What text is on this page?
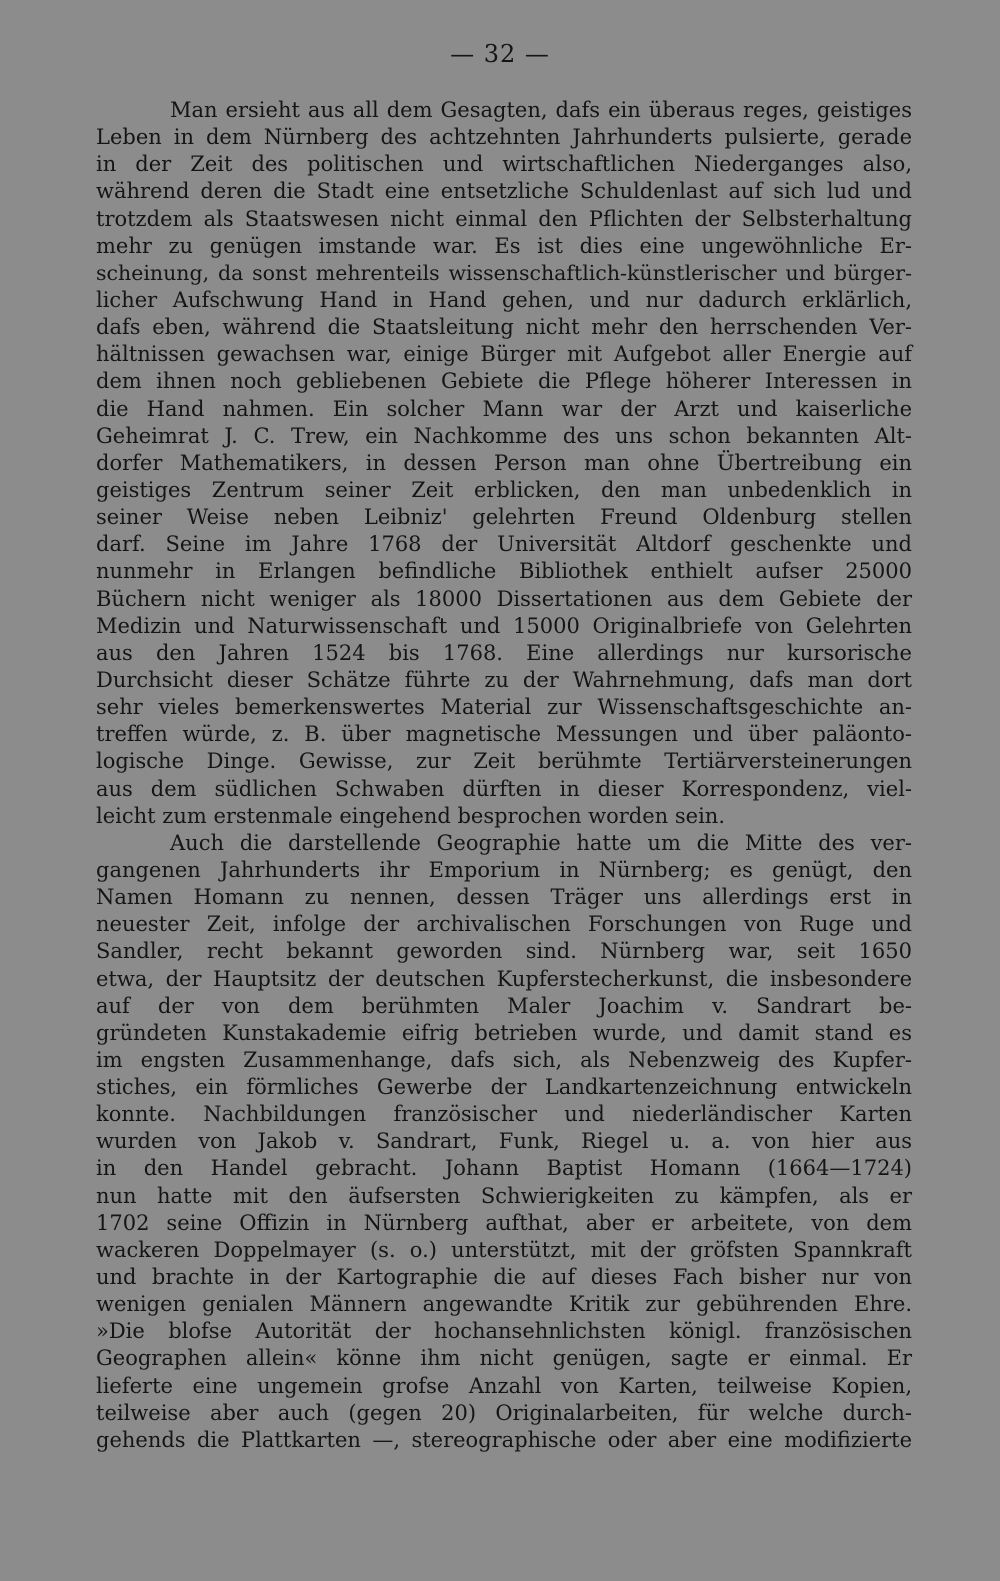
— 32 —
Man ersieht aus all dem Gesagten, dafs ein überaus reges, geistiges
Leben in dem Nürnberg des achtzehnten Jahrhunderts pulsierte, gerade
in der Zeit des politischen und wirtschaftlichen Niederganges also,
während deren die Stadt eine entsetzliche Schuldenlast auf sich lud und
trotzdem als Staatswesen nicht einmal den Pflichten der Selbsterhaltung
mehr zu genügen imstande war. Es ist dies eine ungewöhnliche Er-
scheinung, da sonst mehrenteils wissenschaftlich-künstlerischer und bürger-
licher Aufschwung Hand in Hand gehen, und nur dadurch erklärlich,
dafs eben, während die Staatsleitung nicht mehr den herrschenden Ver-
hältnissen gewachsen war, einige Bürger mit Aufgebot aller Energie auf
dem ihnen noch gebliebenen Gebiete die Pflege höherer Interessen in
die Hand nahmen. Ein solcher Mann war der Arzt und kaiserliche
Geheimrat J. C. Trew, ein Nachkomme des uns schon bekannten Alt-
dorfer Mathematikers, in dessen Person man ohne Übertreibung ein
geistiges Zentrum seiner Zeit erblicken, den man unbedenklich in
seiner Weise neben Leibniz' gelehrten Freund Oldenburg stellen
darf. Seine im Jahre 1768 der Universität Altdorf geschenkte und
nunmehr in Erlangen befindliche Bibliothek enthielt aufser 25000
Büchern nicht weniger als 18000 Dissertationen aus dem Gebiete der
Medizin und Naturwissenschaft und 15000 Originalbriefe von Gelehrten
aus den Jahren 1524 bis 1768. Eine allerdings nur kursorische
Durchsicht dieser Schätze führte zu der Wahrnehmung, dafs man dort
sehr vieles bemerkenswertes Material zur Wissenschaftsgeschichte an-
treffen würde, z. B. über magnetische Messungen und über paläonto-
logische Dinge. Gewisse, zur Zeit berühmte Tertiärversteinerungen
aus dem südlichen Schwaben dürften in dieser Korrespondenz, viel-
leicht zum erstenmale eingehend besprochen worden sein.
Auch die darstellende Geographie hatte um die Mitte des ver-
gangenen Jahrhunderts ihr Emporium in Nürnberg; es genügt, den
Namen Homann zu nennen, dessen Träger uns allerdings erst in
neuester Zeit, infolge der archivalischen Forschungen von Ruge und
Sandler, recht bekannt geworden sind. Nürnberg war, seit 1650
etwa, der Hauptsitz der deutschen Kupferstecherkunst, die insbesondere
auf der von dem berühmten Maler Joachim v. Sandrart be-
gründeten Kunstakademie eifrig betrieben wurde, und damit stand es
im engsten Zusammenhange, dafs sich, als Nebenzweig des Kupfer-
stiches, ein förmliches Gewerbe der Landkartenzeichnung entwickeln
konnte. Nachbildungen französischer und niederländischer Karten
wurden von Jakob v. Sandrart, Funk, Riegel u. a. von hier aus
in den Handel gebracht. Johann Baptist Homann (1664—1724)
nun hatte mit den äufsersten Schwierigkeiten zu kämpfen, als er
1702 seine Offizin in Nürnberg aufthat, aber er arbeitete, von dem
wackeren Doppelmayer (s. o.) unterstützt, mit der gröfsten Spannkraft
und brachte in der Kartographie die auf dieses Fach bisher nur von
wenigen genialen Männern angewandte Kritik zur gebührenden Ehre.
»Die blofse Autorität der hochansehnlichsten königl. französischen
Geographen allein« könne ihm nicht genügen, sagte er einmal. Er
lieferte eine ungemein grofse Anzahl von Karten, teilweise Kopien,
teilweise aber auch (gegen 20) Originalarbeiten, für welche durch-
gehends die Plattkarten —, stereographische oder aber eine modifizierte
